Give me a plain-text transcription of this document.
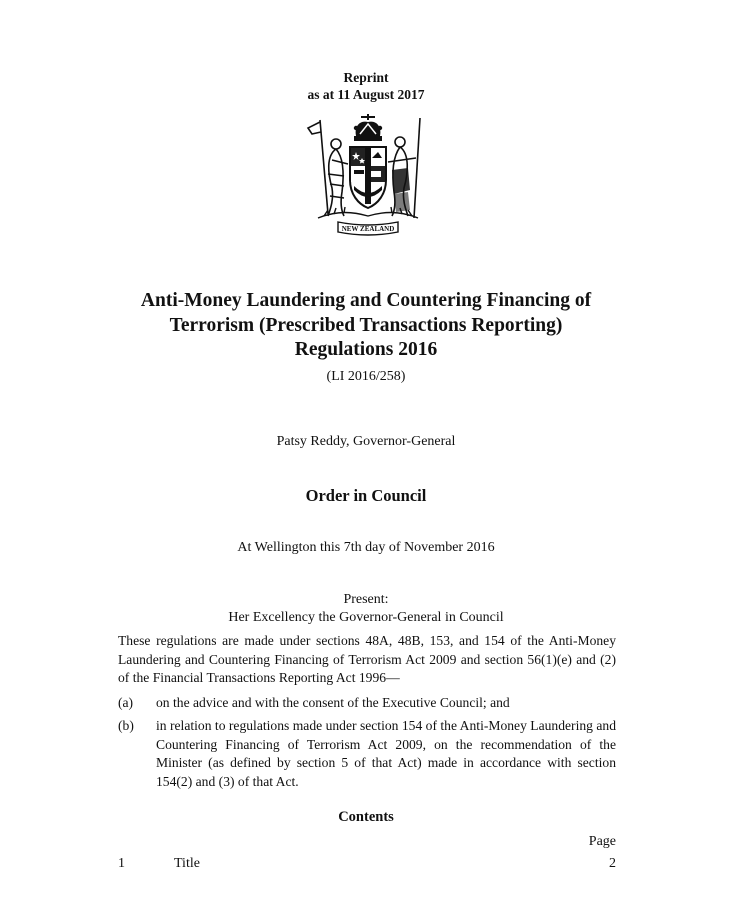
Reprint
as at 11 August 2017
NEW ZEALAND
Anti-Money Laundering and Countering Financing of
Terrorism (Prescribed Transactions Reporting)
Regulations 2016
(LI 2016/258)
Patsy Reddy, Governor-General
Order in Council
At Wellington this 7th day of November 2016
Present:
Her Excellency the Governor-General in Council
These regulations are made under sections 48A, 48B, 153, and 154 of the Anti-Money Laundering and Countering Financing of Terrorism Act 2009 and section 56(1)(e) and (2) of the Financial Transactions Reporting Act 1996—
(a) on the advice and with the consent of the Executive Council; and
(b) in relation to regulations made under section 154 of the Anti-Money Laundering and Countering Financing of Terrorism Act 2009, on the recommendation of the Minister (as defined by section 5 of that Act) made in accordance with section 154(2) and (3) of that Act.
Contents
Page
1	Title	2
